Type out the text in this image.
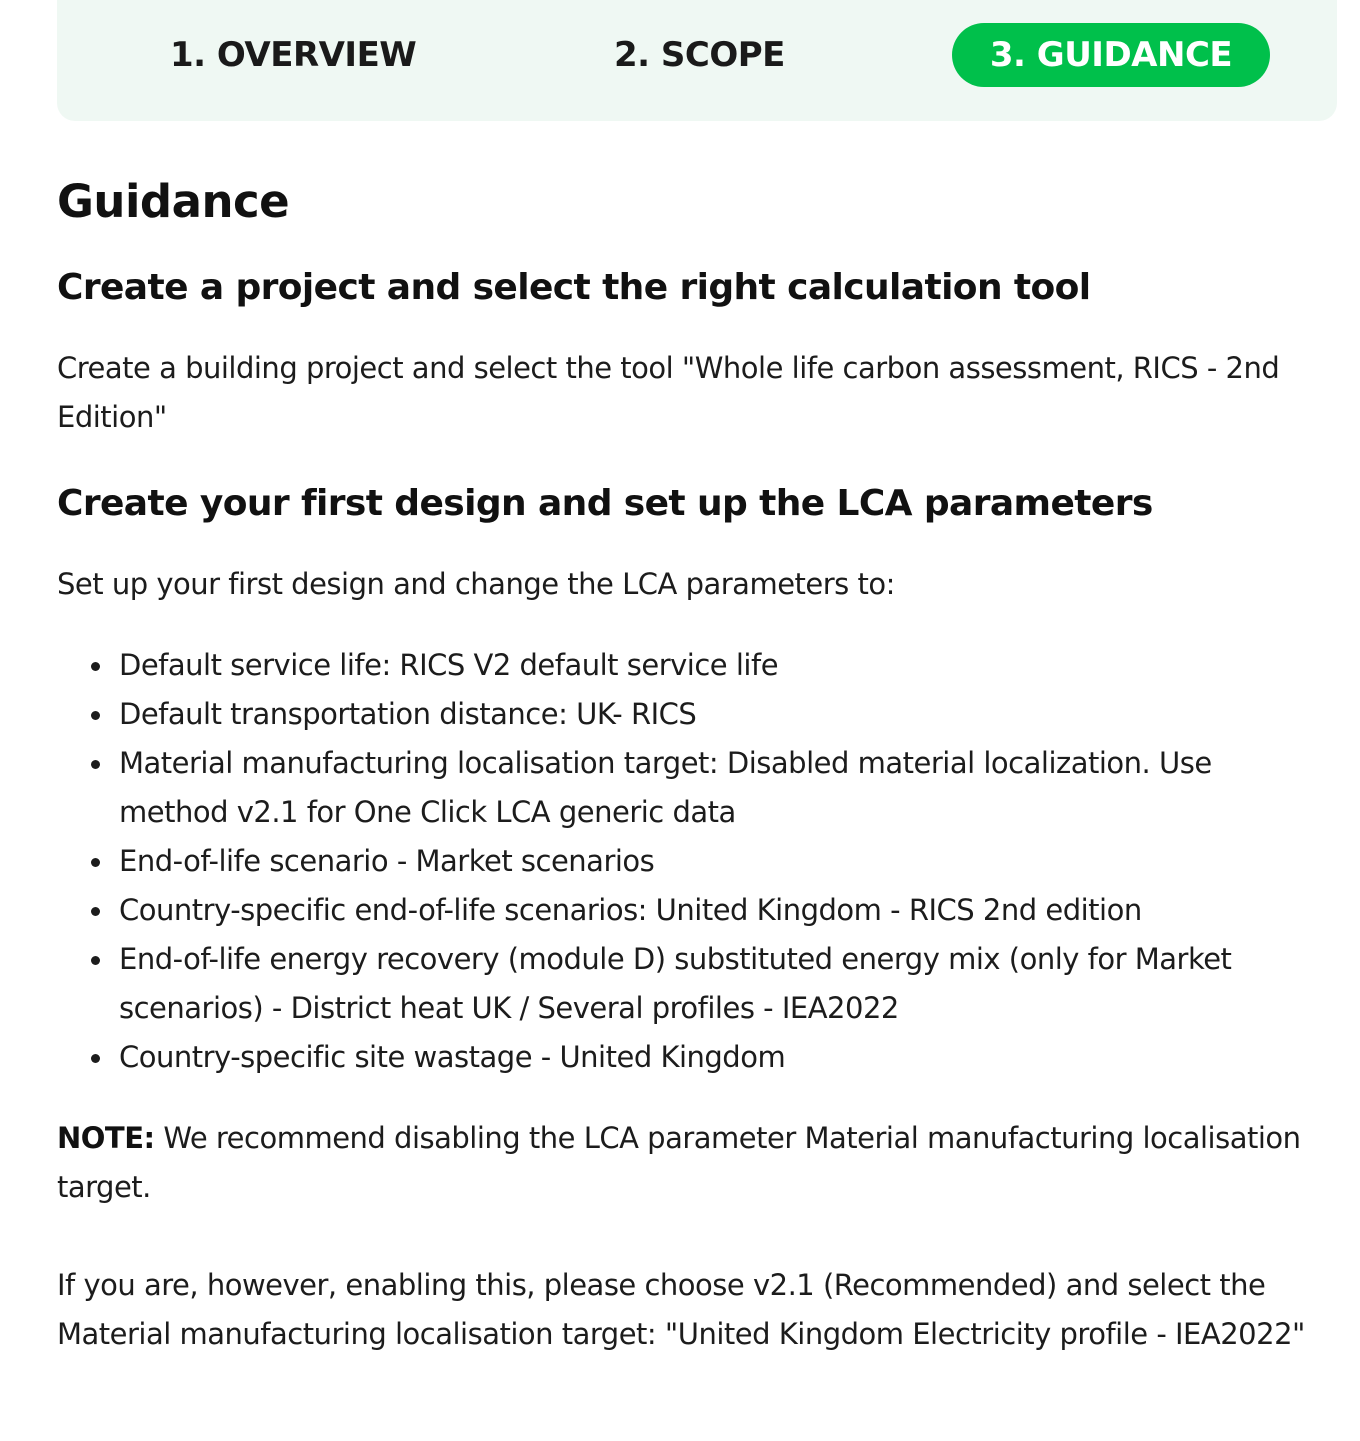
1. OVERVIEW	2. SCOPE	3. GUIDANCE
Guidance
Create a project and select the right calculation tool

Create a building project and select the tool "Whole life carbon assessment, RICS - 2nd Edition"

Create your first design and set up the LCA parameters

Set up your first design and change the LCA parameters to:

Default service life: RICS V2 default service life
Default transportation distance: UK- RICS
Material manufacturing localisation target: Disabled material localization. Use method v2.1 for One Click LCA generic data
End-of-life scenario - Market scenarios
Country-specific end-of-life scenarios: United Kingdom - RICS 2nd edition
End-of-life energy recovery (module D) substituted energy mix (only for Market scenarios) - District heat UK / Several profiles - IEA2022
Country-specific site wastage - United Kingdom

NOTE: We recommend disabling the LCA parameter Material manufacturing localisation target.

If you are, however, enabling this, please choose v2.1 (Recommended) and select the Material manufacturing localisation target: "United Kingdom Electricity profile - IEA2022"
